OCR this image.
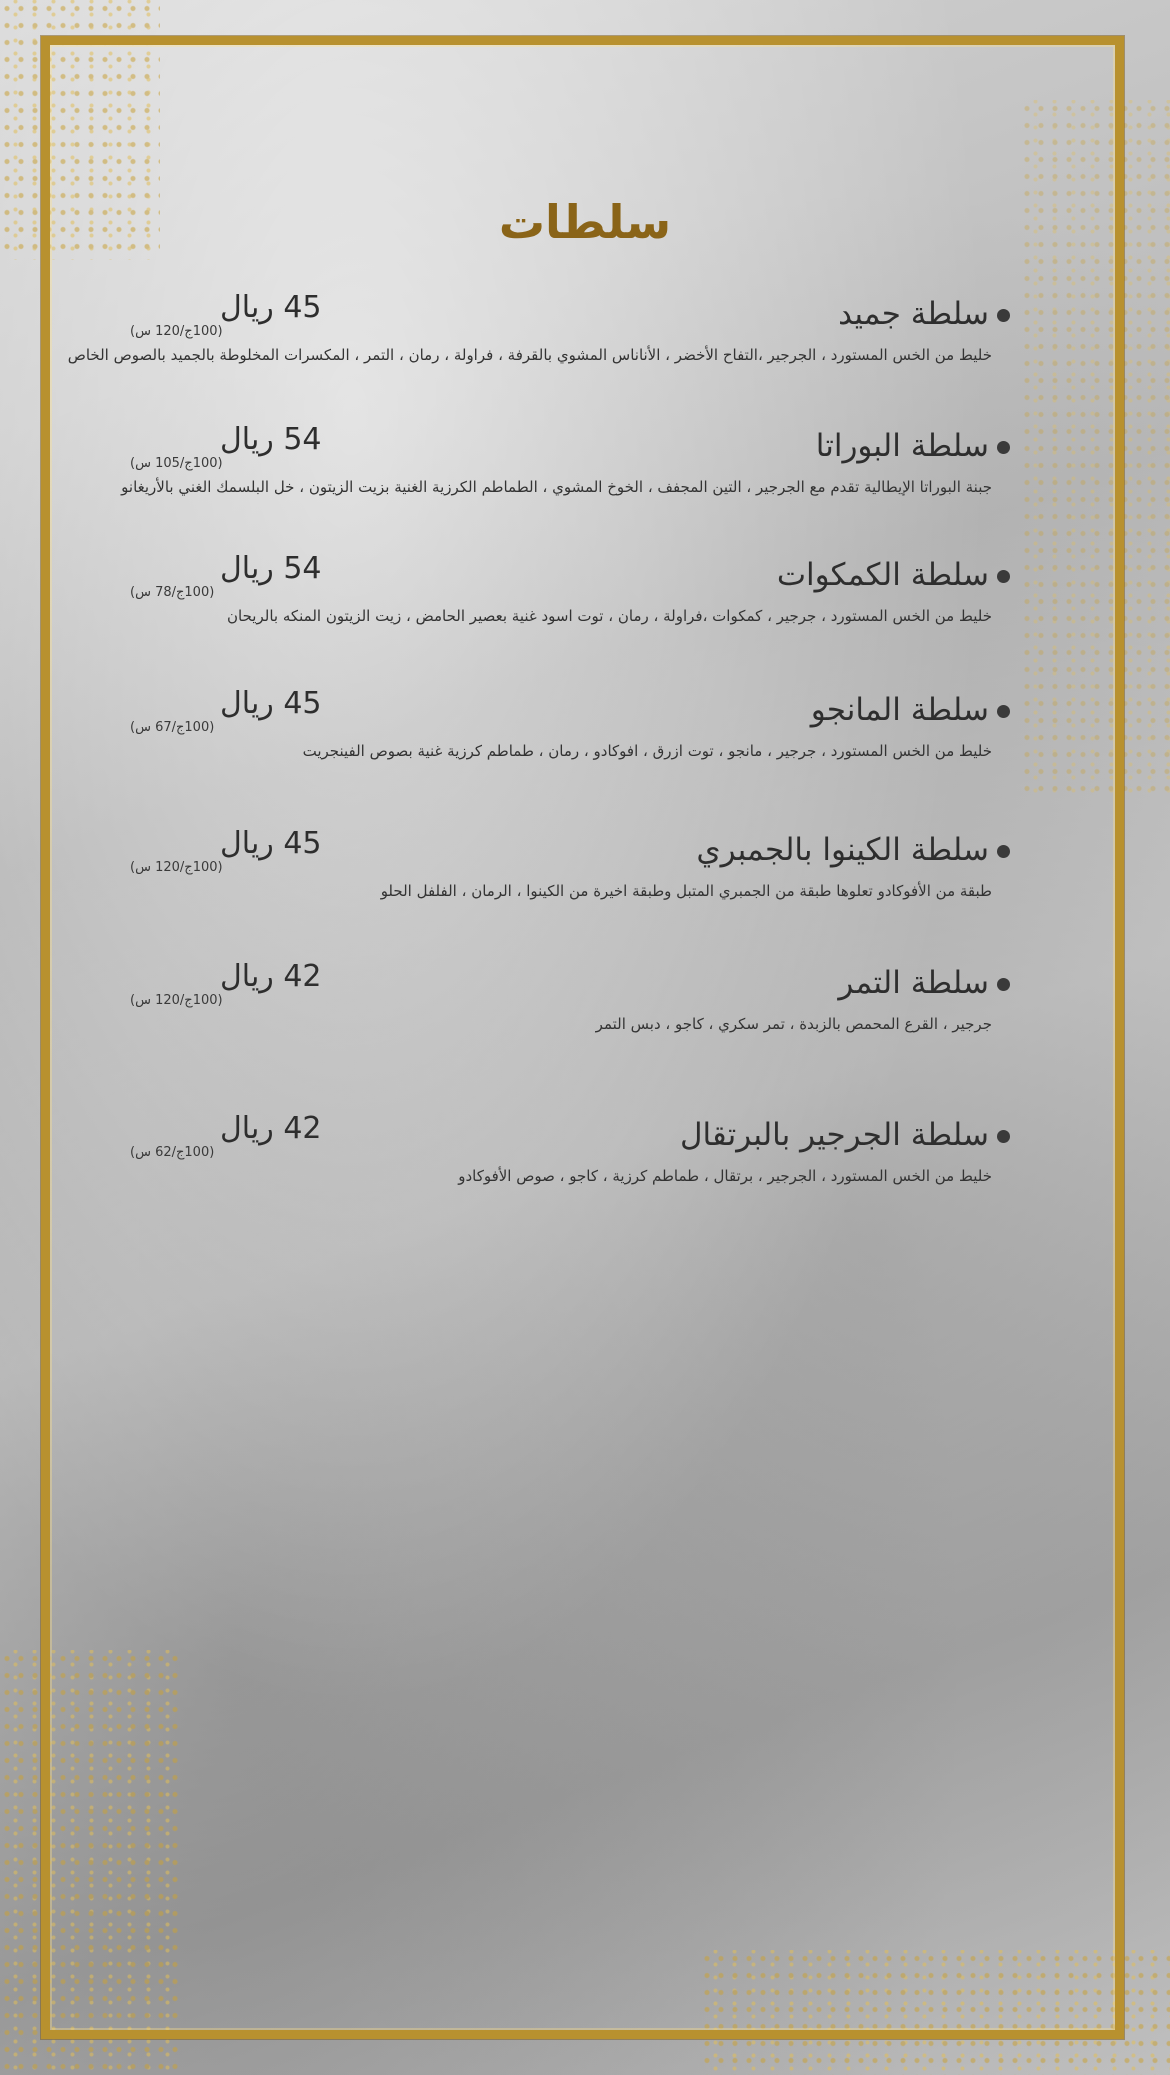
سلطات
سلطة جميد
45 ريال
(100ج/120 س)
خليط من الخس المستورد ، الجرجير ،التفاح الأخضر ، الأناناس المشوي بالقرفة ، فراولة ، رمان ، التمر ، المكسرات المخلوطة بالجميد بالصوص الخاص
سلطة البوراتا
54 ريال
(100ج/105 س)
جبنة البوراتا الإيطالية تقدم مع الجرجير ، التين المجفف ، الخوخ المشوي ، الطماطم الكرزية الغنية بزيت الزيتون ، خل البلسمك الغني بالأريغانو
سلطة الكمكوات
54 ريال
(100ج/78 س)
خليط من الخس المستورد ، جرجير ، كمكوات ،فراولة ، رمان ، توت اسود غنية بعصير الحامض ، زيت الزيتون المنكه بالريحان
سلطة المانجو
45 ريال
(100ج/67 س)
خليط من الخس المستورد ، جرجير ، مانجو ، توت ازرق ، افوكادو ، رمان ، طماطم كرزية غنية بصوص الفينجريت
سلطة الكينوا بالجمبري
45 ريال
(100ج/120 س)
طبقة من الأفوكادو تعلوها طبقة من الجمبري المتبل وطبقة اخيرة من الكينوا ، الرمان ، الفلفل الحلو
سلطة التمر
42 ريال
(100ج/120 س)
جرجير ، القرع المحمص بالزبدة ، تمر سكري ، كاجو ، دبس التمر
سلطة الجرجير بالبرتقال
42 ريال
(100ج/62 س)
خليط من الخس المستورد ، الجرجير ، برتقال ، طماطم كرزية ، كاجو ، صوص الأفوكادو
